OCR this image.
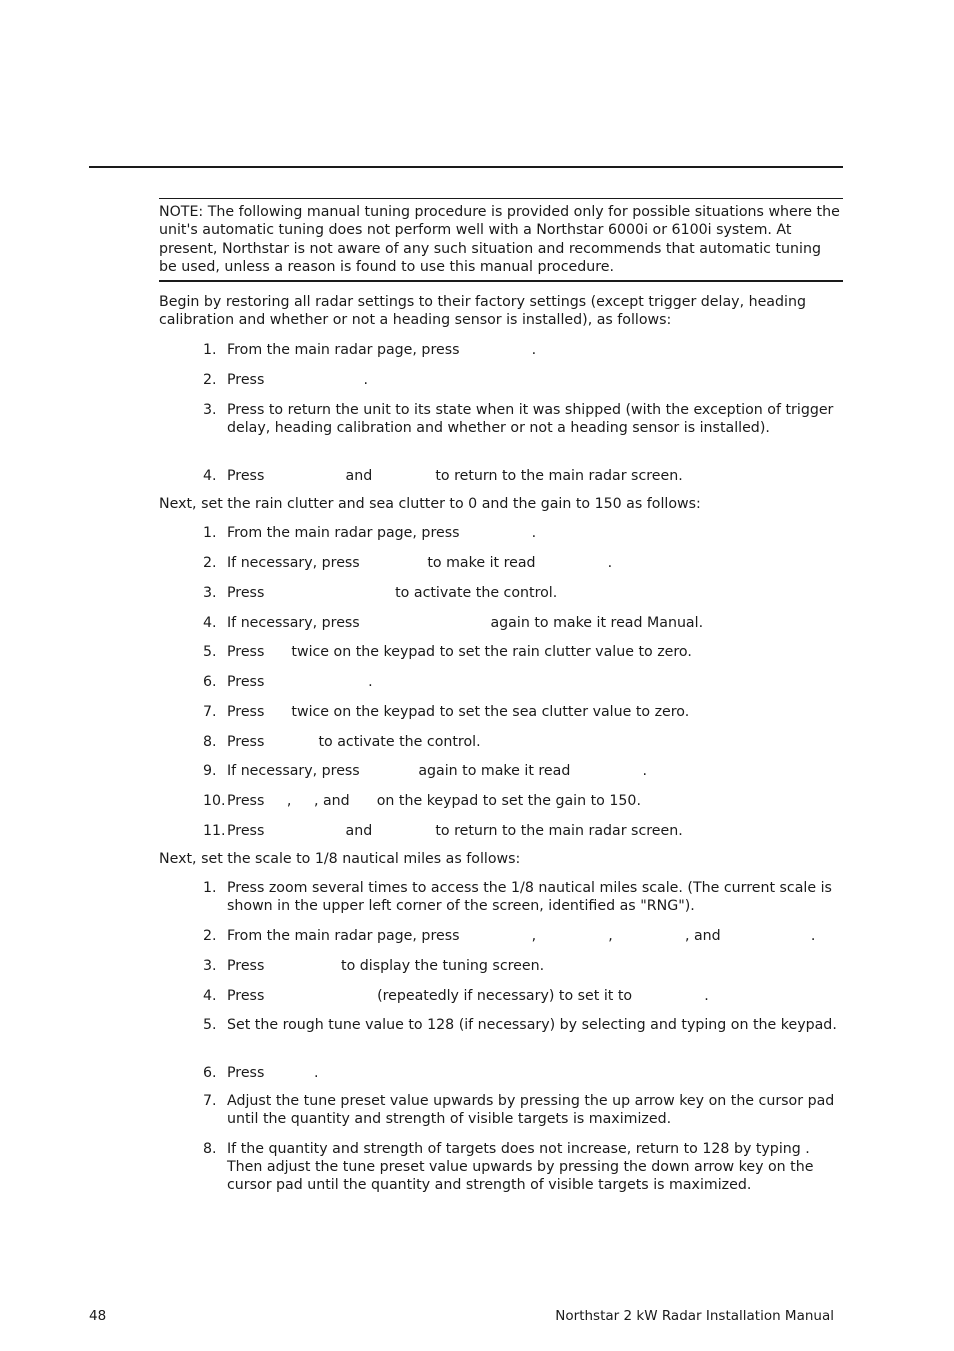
NOTE: The following manual tuning procedure is provided only for possible situations where the unit's automatic tuning does not perform well with a Northstar 6000i or 6100i system. At present, Northstar is not aware of any such situation and recommends that automatic tuning be used, unless a reason is found to use this manual procedure.

Begin by restoring all radar settings to their factory settings (except trigger delay, heading calibration and whether or not a heading sensor is installed), as follows:

1. From the main radar page, press                .
2. Press                      .
3. Press to return the unit to its state when it was shipped (with the exception of trigger delay, heading calibration and whether or not a heading sensor is installed).
4. Press                  and              to return to the main radar screen.

Next, set the rain clutter and sea clutter to 0 and the gain to 150 as follows:

1. From the main radar page, press                .
2. If necessary, press               to make it read                .
3. Press                             to activate the control.
4. If necessary, press                             again to make it read Manual.
5. Press      twice on the keypad to set the rain clutter value to zero.
6. Press                       .
7. Press      twice on the keypad to set the sea clutter value to zero.
8. Press            to activate the control.
9. If necessary, press             again to make it read                .
10. Press     ,     , and      on the keypad to set the gain to 150.
11. Press                  and              to return to the main radar screen.

Next, set the scale to 1/8 nautical miles as follows:

1. Press zoom several times to access the 1/8 nautical miles scale. (The current scale is shown in the upper left corner of the screen, identified as "RNG").
2. From the main radar page, press                ,                ,                , and                    .
3. Press                 to display the tuning screen.
4. Press                         (repeatedly if necessary) to set it to                .
5. Set the rough tune value to 128 (if necessary) by selecting and typing on the keypad.
6. Press           .
7. Adjust the tune preset value upwards by pressing the up arrow key on the cursor pad until the quantity and strength of visible targets is maximized.
8. If the quantity and strength of targets does not increase, return to 128 by typing . Then adjust the tune preset value upwards by pressing the down arrow key on the cursor pad until the quantity and strength of visible targets is maximized.
48	Northstar 2 kW Radar Installation Manual
